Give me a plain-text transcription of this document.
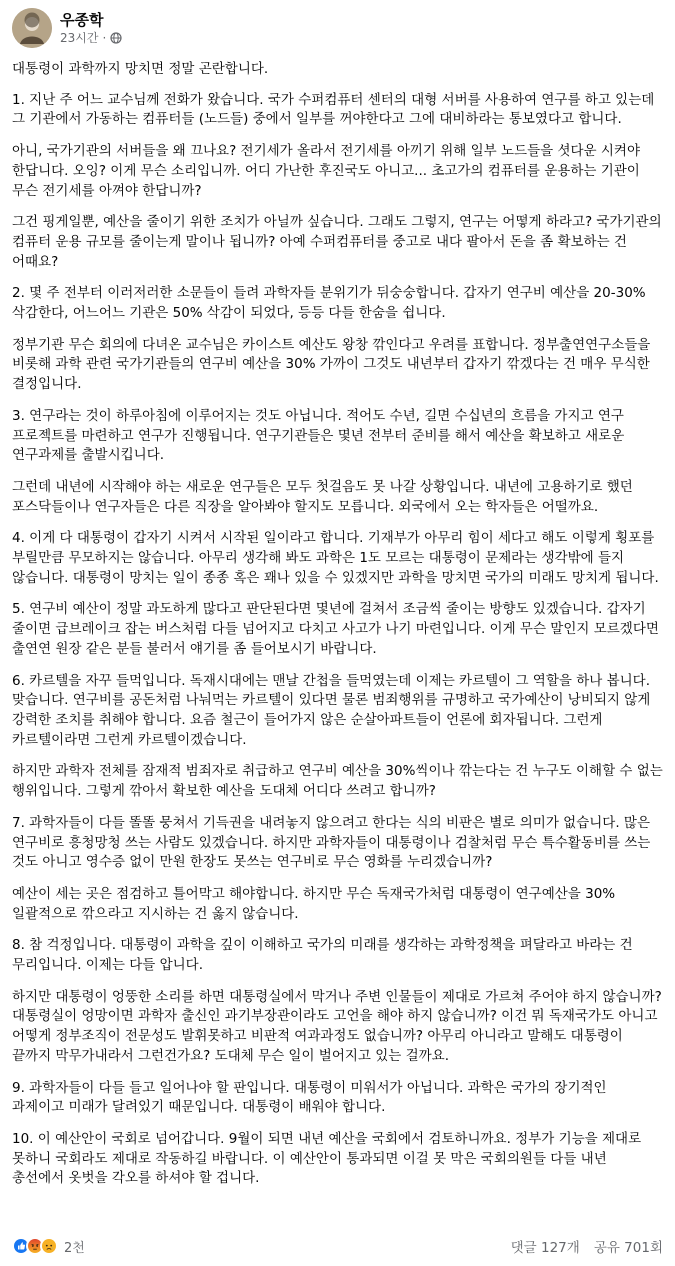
우종학
23시간 ·

대통령이 과학까지 망치면 정말 곤란합니다.

1. 지난 주 어느 교수님께 전화가 왔습니다. 국가 수퍼컴퓨터 센터의 대형 서버를 사용하여 연구를 하고 있는데 그 기관에서 가동하는 컴퓨터들 (노드들) 중에서 일부를 꺼야한다고 그에 대비하라는 통보였다고 합니다.

아니, 국가기관의 서버들을 왜 끄나요? 전기세가 올라서 전기세를 아끼기 위해 일부 노드들을 셧다운 시켜야 한답니다. 오잉? 이게 무슨 소리입니까. 어디 가난한 후진국도 아니고... 초고가의 컴퓨터를 운용하는 기관이 무슨 전기세를 아껴야 한답니까?

그건 핑게일뿐, 예산을 줄이기 위한 조치가 아닐까 싶습니다. 그래도 그렇지, 연구는 어떻게 하라고? 국가기관의 컴퓨터 운용 규모를 줄이는게 말이나 됩니까? 아예 수퍼컴퓨터를 중고로 내다 팔아서 돈을 좀 확보하는 건 어때요?

2. 몇 주 전부터 이러저러한 소문들이 들려 과학자들 분위기가 뒤숭숭합니다. 갑자기 연구비 예산을 20-30% 삭감한다, 어느어느 기관은 50% 삭감이 되었다, 등등 다들 한숨을 쉽니다.

정부기관 무슨 회의에 다녀온 교수님은 카이스트 예산도 왕창 깎인다고 우려를 표합니다. 정부출연연구소들을 비롯해 과학 관련 국가기관들의 연구비 예산을 30% 가까이 그것도 내년부터 갑자기 깎겠다는 건 매우 무식한 결정입니다.

3. 연구라는 것이 하루아침에 이루어지는 것도 아닙니다. 적어도 수년, 길면 수십년의 흐름을 가지고 연구 프로젝트를 마련하고 연구가 진행됩니다. 연구기관들은 몇년 전부터 준비를 해서 예산을 확보하고 새로운 연구과제를 출발시킵니다.

그런데 내년에 시작해야 하는 새로운 연구들은 모두 첫걸음도 못 나갈 상황입니다. 내년에 고용하기로 했던 포스닥들이나 연구자들은 다른 직장을 알아봐야 할지도 모릅니다. 외국에서 오는 학자들은 어떨까요.

4. 이게 다 대통령이 갑자기 시켜서 시작된 일이라고 합니다. 기재부가 아무리 힘이 세다고 해도 이렇게 횡포를 부릴만큼 무모하지는 않습니다. 아무리 생각해 봐도 과학은 1도 모르는 대통령이 문제라는 생각밖에 들지 않습니다. 대통령이 망치는 일이 종종 혹은 꽤나 있을 수 있겠지만 과학을 망치면 국가의 미래도 망치게 됩니다.

5. 연구비 예산이 정말 과도하게 많다고 판단된다면 몇년에 걸쳐서 조금씩 줄이는 방향도 있겠습니다. 갑자기 줄이면 급브레이크 잡는 버스처럼 다들 넘어지고 다치고 사고가 나기 마련입니다. 이게 무슨 말인지 모르겠다면 출연연 원장 같은 분들 불러서 얘기를 좀 들어보시기 바랍니다.

6. 카르텔을 자꾸 들먹입니다. 독재시대에는 맨날 간첩을 들먹였는데 이제는 카르텔이 그 역할을 하나 봅니다. 맞습니다. 연구비를 공돈처럼 나눠먹는 카르텔이 있다면 물론 범죄행위를 규명하고 국가예산이 낭비되지 않게 강력한 조치를 취해야 합니다. 요즘 철근이 들어가지 않은 순살아파트들이 언론에 회자됩니다. 그런게 카르텔이라면 그런게 카르텔이겠습니다.

하지만 과학자 전체를 잠재적 범죄자로 취급하고 연구비 예산을 30%씩이나 깎는다는 건 누구도 이해할 수 없는 행위입니다. 그렇게 깎아서 확보한 예산을 도대체 어디다 쓰려고 합니까?

7. 과학자들이 다들 똘똘 뭉쳐서 기득권을 내려놓지 않으려고 한다는 식의 비판은 별로 의미가 없습니다. 많은 연구비로 흥청망청 쓰는 사람도 있겠습니다. 하지만 과학자들이 대통령이나 검찰처럼 무슨 특수활동비를 쓰는 것도 아니고 영수증 없이 만원 한장도 못쓰는 연구비로 무슨 영화를 누리겠습니까?

예산이 세는 곳은 점검하고 틀어막고 해야합니다. 하지만 무슨 독재국가처럼 대통령이 연구예산을 30% 일괄적으로 깎으라고 지시하는 건 옳지 않습니다.

8. 참 걱정입니다. 대통령이 과학을 깊이 이해하고 국가의 미래를 생각하는 과학정책을 펴달라고 바라는 건 무리입니다. 이제는 다들 압니다.

하지만 대통령이 엉뚱한 소리를 하면 대통령실에서 막거나 주변 인물들이 제대로 가르쳐 주어야 하지 않습니까? 대통령실이 엉망이면 과학자 출신인 과기부장관이라도 고언을 해야 하지 않습니까? 이건 뭐 독재국가도 아니고 어떻게 정부조직이 전문성도 발휘못하고 비판적 여과과정도 없습니까? 아무리 아니라고 말해도 대통령이 끝까지 막무가내라서 그런건가요? 도대체 무슨 일이 벌어지고 있는 걸까요.

9. 과학자들이 다들 들고 일어나야 할 판입니다. 대통령이 미워서가 아닙니다. 과학은 국가의 장기적인 과제이고 미래가 달려있기 때문입니다. 대통령이 배워야 합니다.

10. 이 예산안이 국회로 넘어갑니다. 9월이 되면 내년 예산을 국회에서 검토하니까요. 정부가 기능을 제대로 못하니 국회라도 제대로 작동하길 바랍니다. 이 예산안이 통과되면 이걸 못 막은 국회의원들 다들 내년 총선에서 옷벗을 각오를 하셔야 할 겁니다.

2천	댓글 127개 공유 701회
